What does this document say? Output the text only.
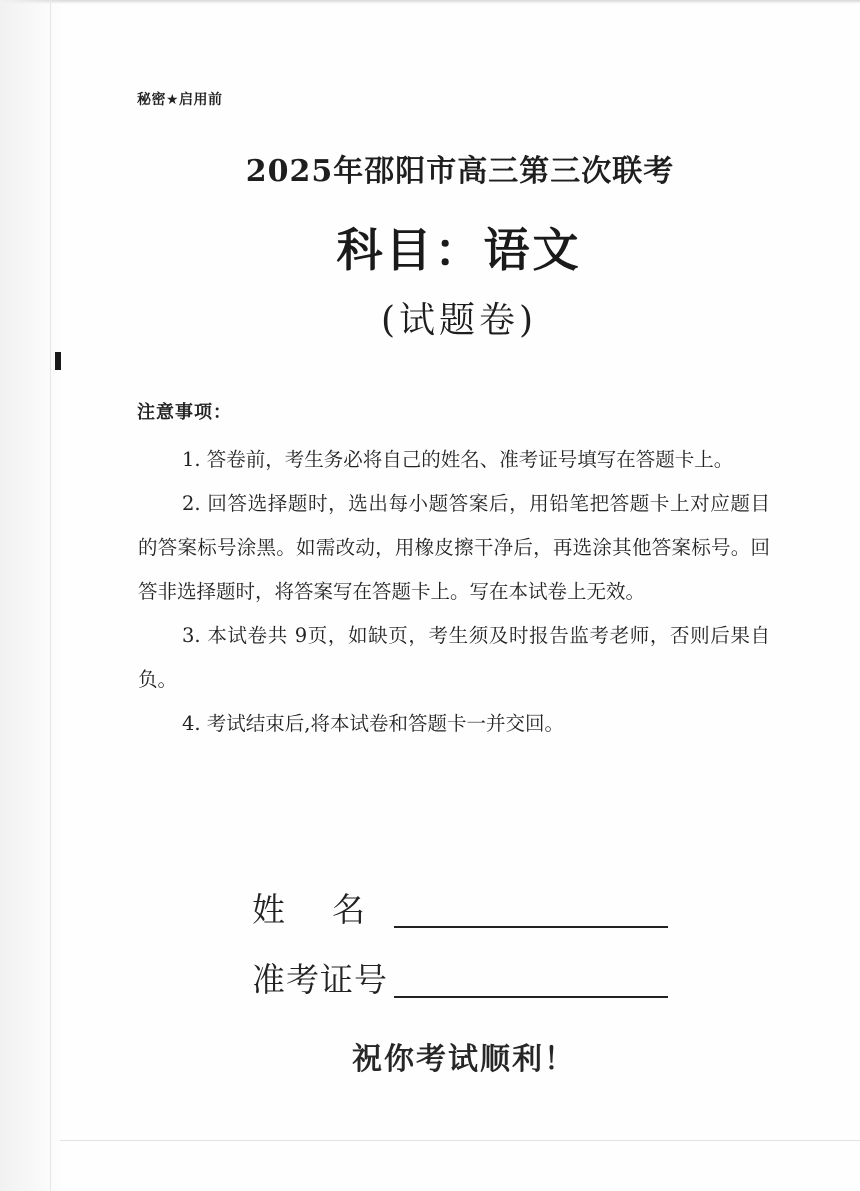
秘密★启用前
2025年邵阳市高三第三次联考
科目：语文
(试题卷)
注意事项：

1. 答卷前，考生务必将自己的姓名、准考证号填写在答题卡上。

2. 回答选择题时，选出每小题答案后，用铅笔把答题卡上对应题目的答案标号涂黑。如需改动，用橡皮擦干净后，再选涂其他答案标号。回答非选择题时，将答案写在答题卡上。写在本试卷上无效。

3. 本试卷共 9页，如缺页，考生须及时报告监考老师，否则后果自负。

4. 考试结束后,将本试卷和答题卡一并交回。

姓    名
准考证号
祝你考试顺利！
